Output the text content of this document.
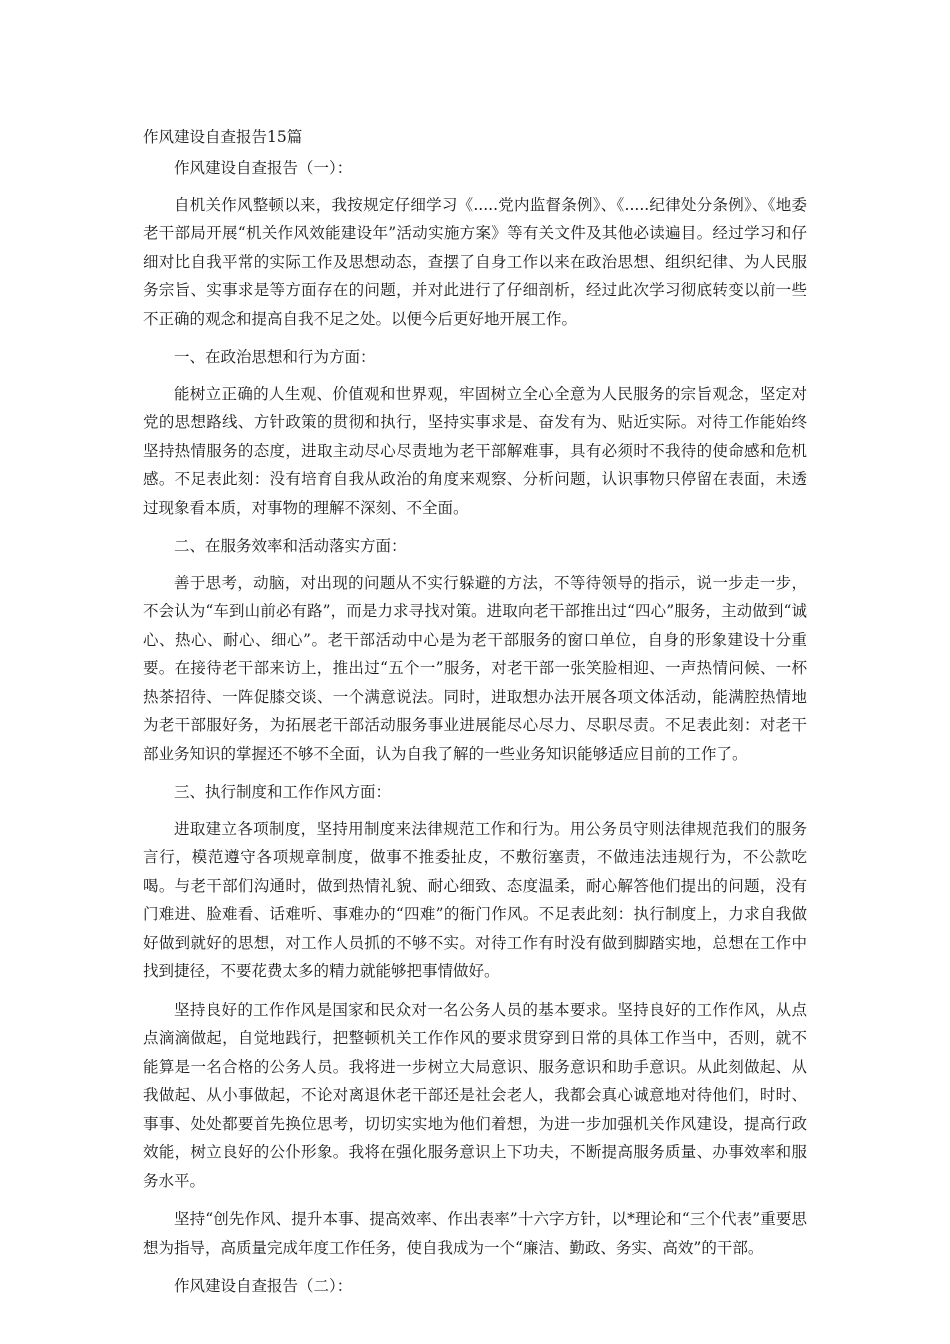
作风建设自查报告15篇

作风建设自查报告（一）：

自机关作风整顿以来，我按规定仔细学习《.....党内监督条例》、《.....纪律处分条例》、《地委老干部局开展“机关作风效能建设年”活动实施方案》等有关文件及其他必读遍目。经过学习和仔细对比自我平常的实际工作及思想动态，查摆了自身工作以来在政治思想、组织纪律、为人民服务宗旨、实事求是等方面存在的问题，并对此进行了仔细剖析，经过此次学习彻底转变以前一些不正确的观念和提高自我不足之处。以便今后更好地开展工作。

一、在政治思想和行为方面：

能树立正确的人生观、价值观和世界观，牢固树立全心全意为人民服务的宗旨观念，坚定对党的思想路线、方针政策的贯彻和执行，坚持实事求是、奋发有为、贴近实际。对待工作能始终坚持热情服务的态度，进取主动尽心尽责地为老干部解难事，具有必须时不我待的使命感和危机感。不足表此刻：没有培育自我从政治的角度来观察、分析问题，认识事物只停留在表面，未透过现象看本质，对事物的理解不深刻、不全面。

二、在服务效率和活动落实方面：

善于思考，动脑，对出现的问题从不实行躲避的方法，不等待领导的指示，说一步走一步，不会认为“车到山前必有路”，而是力求寻找对策。进取向老干部推出过“四心”服务，主动做到“诚心、热心、耐心、细心”。老干部活动中心是为老干部服务的窗口单位，自身的形象建设十分重要。在接待老干部来访上，推出过“五个一”服务，对老干部一张笑脸相迎、一声热情问候、一杯热茶招待、一阵促膝交谈、一个满意说法。同时，进取想办法开展各项文体活动，能满腔热情地为老干部服好务，为拓展老干部活动服务事业进展能尽心尽力、尽职尽责。不足表此刻：对老干部业务知识的掌握还不够不全面，认为自我了解的一些业务知识能够适应目前的工作了。

三、执行制度和工作作风方面：

进取建立各项制度，坚持用制度来法律规范工作和行为。用公务员守则法律规范我们的服务言行，模范遵守各项规章制度，做事不推委扯皮，不敷衍塞责，不做违法违规行为，不公款吃喝。与老干部们沟通时，做到热情礼貌、耐心细致、态度温柔，耐心解答他们提出的问题，没有门难进、脸难看、话难听、事难办的“四难”的衙门作风。不足表此刻：执行制度上，力求自我做好做到就好的思想，对工作人员抓的不够不实。对待工作有时没有做到脚踏实地，总想在工作中找到捷径，不要花费太多的精力就能够把事情做好。

坚持良好的工作作风是国家和民众对一名公务人员的基本要求。坚持良好的工作作风，从点点滴滴做起，自觉地践行，把整顿机关工作作风的要求贯穿到日常的具体工作当中，否则，就不能算是一名合格的公务人员。我将进一步树立大局意识、服务意识和助手意识。从此刻做起、从我做起、从小事做起，不论对离退休老干部还是社会老人，我都会真心诚意地对待他们，时时、事事、处处都要首先换位思考，切切实实地为他们着想，为进一步加强机关作风建设，提高行政效能，树立良好的公仆形象。我将在强化服务意识上下功夫，不断提高服务质量、办事效率和服务水平。

坚持“创先作风、提升本事、提高效率、作出表率”十六字方针，以*理论和“三个代表”重要思想为指导，高质量完成年度工作任务，使自我成为一个“廉洁、勤政、务实、高效”的干部。

作风建设自查报告（二）：
